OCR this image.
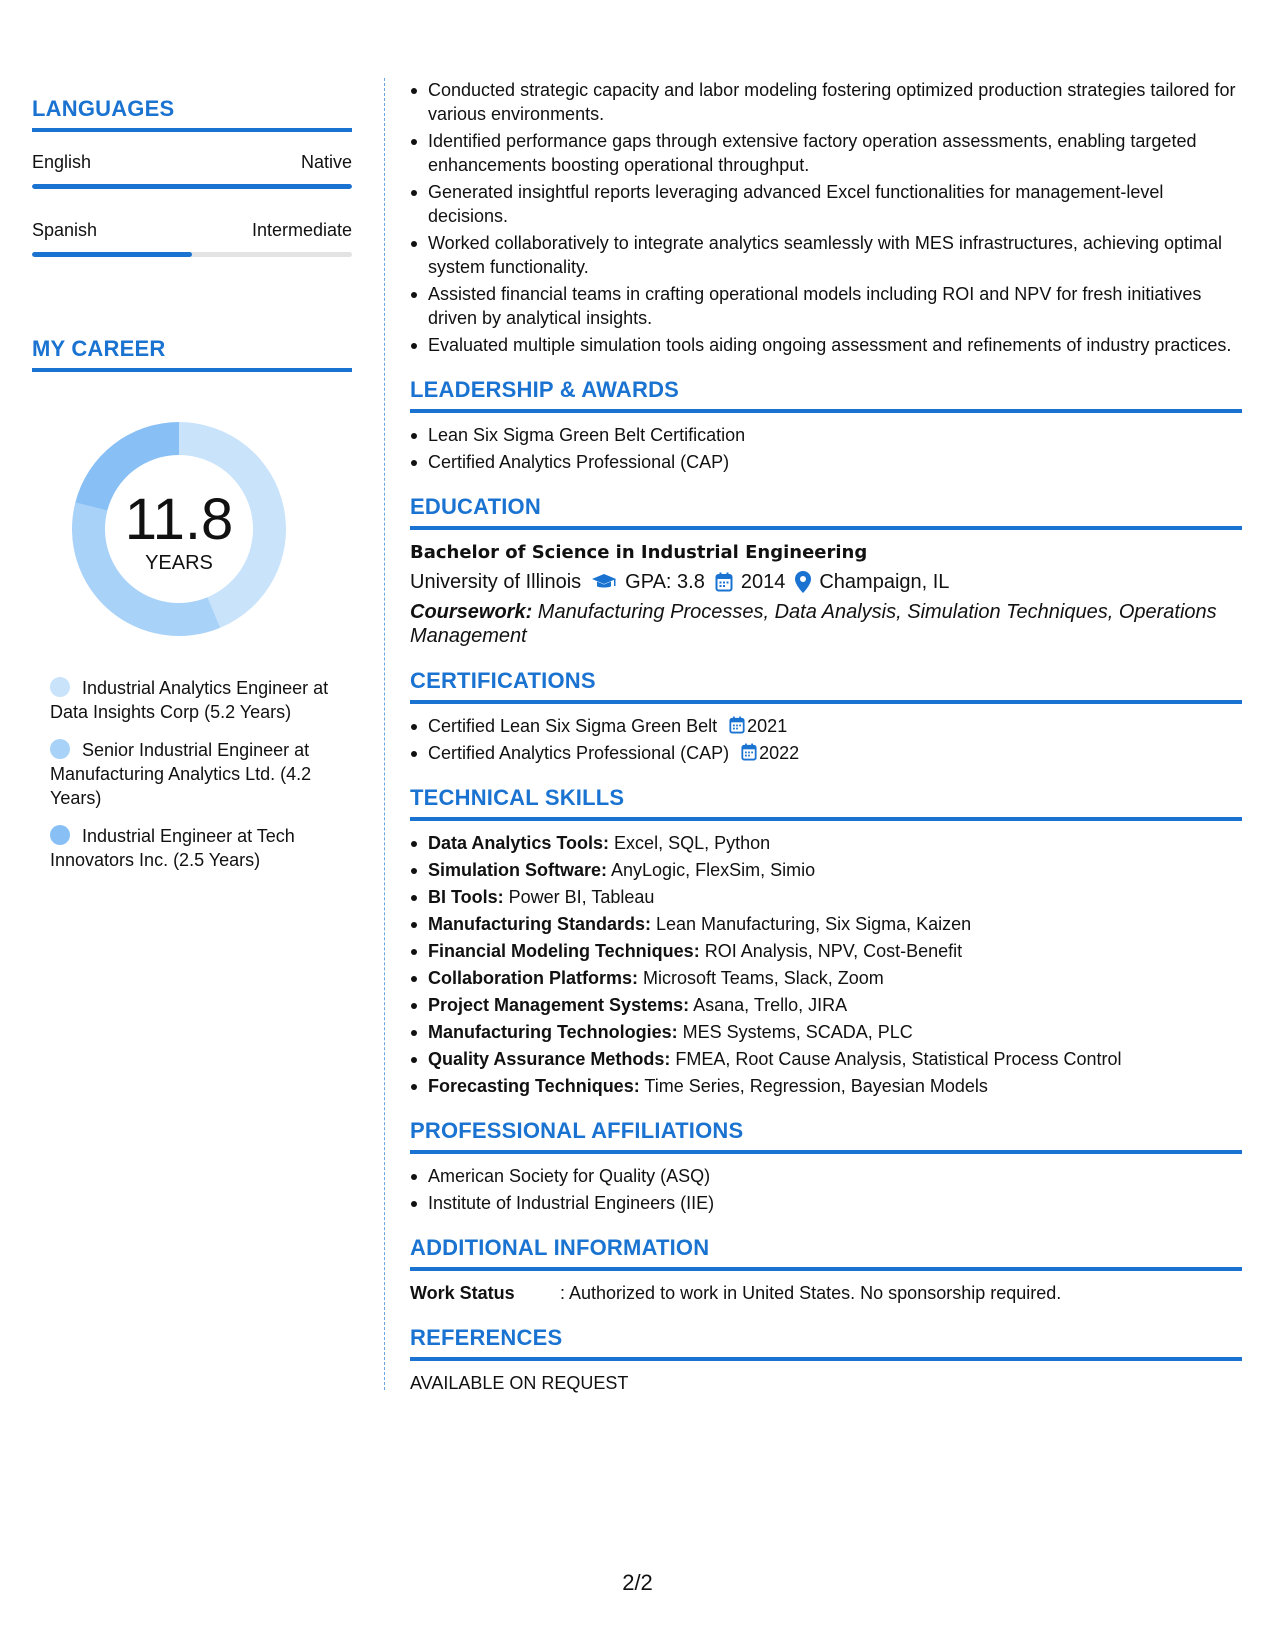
LANGUAGES
English	Native
Spanish	Intermediate
MY CAREER
11.8
YEARS
Industrial Analytics Engineer at Data Insights Corp (5.2 Years)
Senior Industrial Engineer at Manufacturing Analytics Ltd. (4.2 Years)
Industrial Engineer at Tech Innovators Inc. (2.5 Years)
Conducted strategic capacity and labor modeling fostering optimized production strategies tailored for various environments.
Identified performance gaps through extensive factory operation assessments, enabling targeted enhancements boosting operational throughput.
Generated insightful reports leveraging advanced Excel functionalities for management-level decisions.
Worked collaboratively to integrate analytics seamlessly with MES infrastructures, achieving optimal system functionality.
Assisted financial teams in crafting operational models including ROI and NPV for fresh initiatives driven by analytical insights.
Evaluated multiple simulation tools aiding ongoing assessment and refinements of industry practices.
LEADERSHIP & AWARDS
Lean Six Sigma Green Belt Certification
Certified Analytics Professional (CAP)
EDUCATION
Bachelor of Science in Industrial Engineering
University of Illinois GPA: 3.8 2014 Champaign, IL
Coursework: Manufacturing Processes, Data Analysis, Simulation Techniques, Operations Management
CERTIFICATIONS
Certified Lean Six Sigma Green Belt 2021
Certified Analytics Professional (CAP) 2022
TECHNICAL SKILLS
Data Analytics Tools: Excel, SQL, Python
Simulation Software: AnyLogic, FlexSim, Simio
BI Tools: Power BI, Tableau
Manufacturing Standards: Lean Manufacturing, Six Sigma, Kaizen
Financial Modeling Techniques: ROI Analysis, NPV, Cost-Benefit
Collaboration Platforms: Microsoft Teams, Slack, Zoom
Project Management Systems: Asana, Trello, JIRA
Manufacturing Technologies: MES Systems, SCADA, PLC
Quality Assurance Methods: FMEA, Root Cause Analysis, Statistical Process Control
Forecasting Techniques: Time Series, Regression, Bayesian Models
PROFESSIONAL AFFILIATIONS
American Society for Quality (ASQ)
Institute of Industrial Engineers (IIE)
ADDITIONAL INFORMATION
Work Status	: Authorized to work in United States. No sponsorship required.
REFERENCES
AVAILABLE ON REQUEST
2/2
